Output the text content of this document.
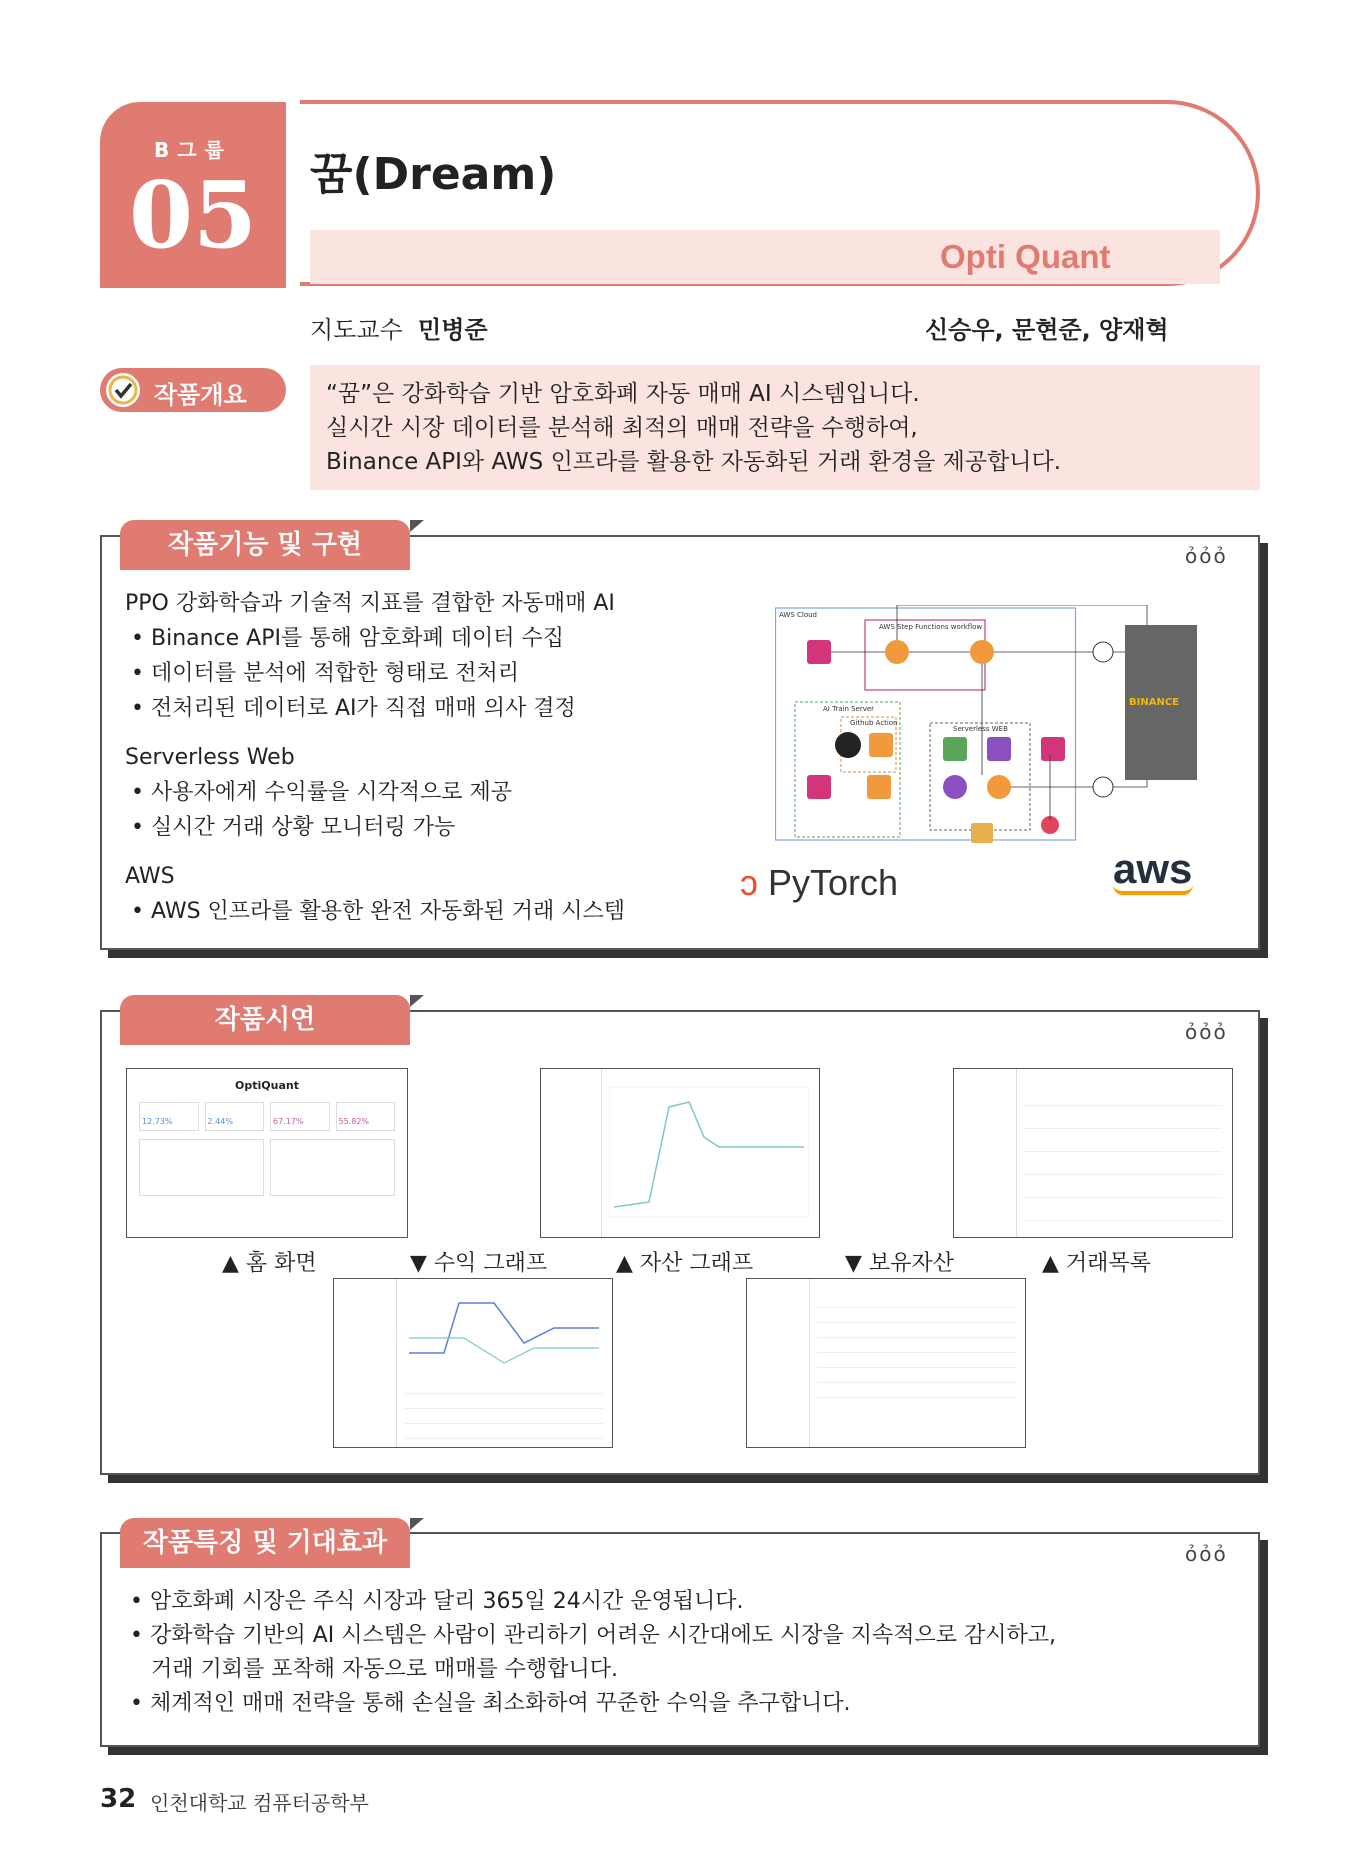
B그룹
05	꿈(Dream)
Opti Quant
지도교수 민병준	신승우, 문현준, 양재혁
작품개요	“꿈”은 강화학습 기반 암호화폐 자동 매매 AI 시스템입니다.
실시간 시장 데이터를 분석해 최적의 매매 전략을 수행하여,
Binance API와 AWS 인프라를 활용한 자동화된 거래 환경을 제공합니다.
작품기능 및 구현	ỏỏỏ
PPO 강화학습과 기술적 지표를 결합한 자동매매 AI
• Binance API를 통해 암호화폐 데이터 수집
• 데이터를 분석에 적합한 형태로 전처리
• 전처리된 데이터로 AI가 직접 매매 의사 결정
Serverless Web
• 사용자에게 수익률을 시각적으로 제공
• 실시간 거래 상황 모니터링 가능
AWS
• AWS 인프라를 활용한 완전 자동화된 거래 시스템
AWS Cloud
AWS Step Functions workflow
AI Train Server
Github Action
Serverless WEB
BINANCE
ↄ PyTorch	aws
작품시연	ỏỏỏ
OptiQuant
12.73%	2.44%	67.17%	55.82%
▲ 홈 화면	▼ 수익 그래프	▲ 자산 그래프	▼ 보유자산	▲ 거래목록
작품특징 및 기대효과	ỏỏỏ
• 암호화폐 시장은 주식 시장과 달리 365일 24시간 운영됩니다.
• 강화학습 기반의 AI 시스템은 사람이 관리하기 어려운 시간대에도 시장을 지속적으로 감시하고,
거래 기회를 포착해 자동으로 매매를 수행합니다.
• 체계적인 매매 전략을 통해 손실을 최소화하여 꾸준한 수익을 추구합니다.
32 인천대학교 컴퓨터공학부
